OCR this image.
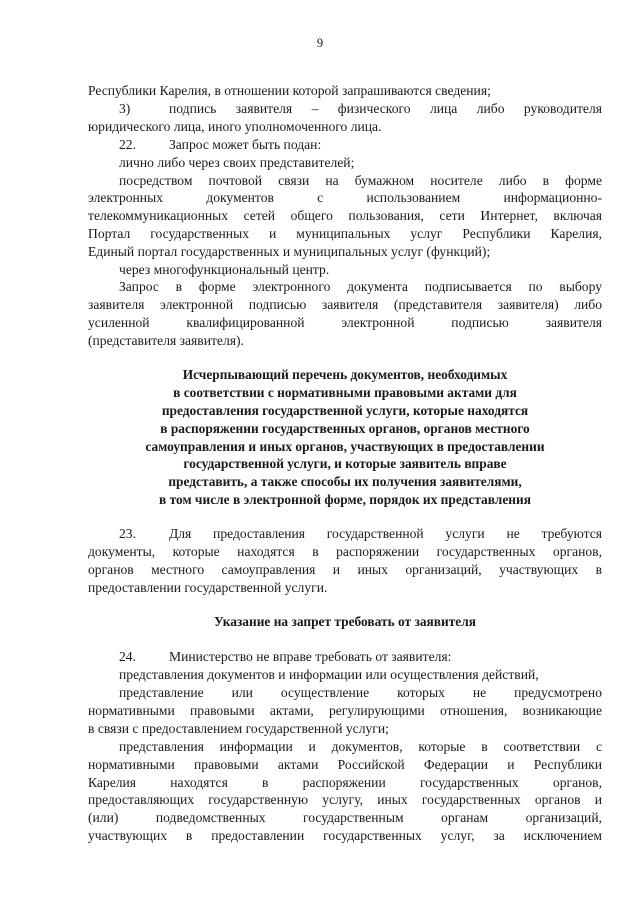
9
Республики Карелия, в отношении которой запрашиваются сведения;
3)	подпись заявителя – физического лица либо руководителя
юридического лица, иного уполномоченного лица.
22. Запрос может быть подан:
лично либо через своих представителей;
посредством почтовой связи на бумажном носителе либо в форме
электронных документов с использованием информационно-
телекоммуникационных сетей общего пользования, сети Интернет, включая
Портал государственных и муниципальных услуг Республики Карелия,
Единый портал государственных и муниципальных услуг (функций);
через многофункциональный центр.
Запрос в форме электронного документа подписывается по выбору
заявителя электронной подписью заявителя (представителя заявителя) либо
усиленной квалифицированной электронной подписью заявителя
(представителя заявителя).
Исчерпывающий перечень документов, необходимых
в соответствии с нормативными правовыми актами для
предоставления государственной услуги, которые находятся
в распоряжении государственных органов, органов местного
самоуправления и иных органов, участвующих в предоставлении
государственной услуги, и которые заявитель вправе
представить, а также способы их получения заявителями,
в том числе в электронной форме, порядок их представления
23. Для предоставления государственной услуги не требуются
документы, которые находятся в распоряжении государственных органов,
органов местного самоуправления и иных организаций, участвующих в
предоставлении государственной услуги.
Указание на запрет требовать от заявителя
24. Министерство не вправе требовать от заявителя:
представления документов и информации или осуществления действий,
представление или осуществление которых не предусмотрено
нормативными правовыми актами, регулирующими отношения, возникающие
в связи с предоставлением государственной услуги;
представления информации и документов, которые в соответствии с
нормативными правовыми актами Российской Федерации и Республики
Карелия находятся в распоряжении государственных органов,
предоставляющих государственную услугу, иных государственных органов и
(или) подведомственных государственным органам организаций,
участвующих в предоставлении государственных услуг, за исключением
